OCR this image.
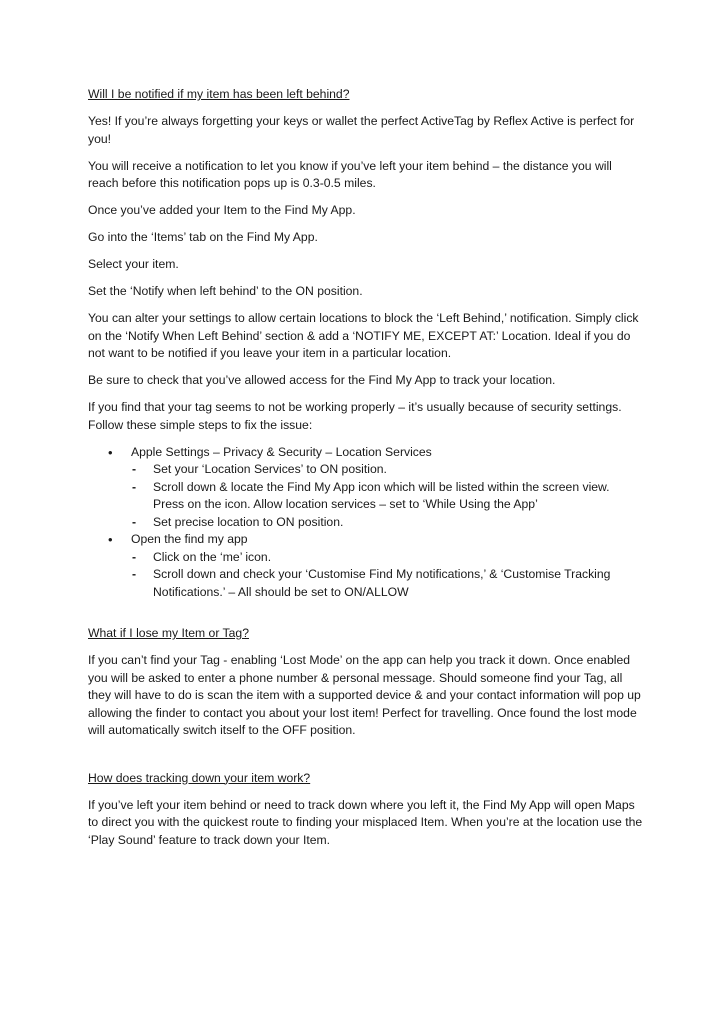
Will I be notified if my item has been left behind?

Yes! If you’re always forgetting your keys or wallet the perfect ActiveTag by Reflex Active is perfect for you!

You will receive a notification to let you know if you’ve left your item behind – the distance you will reach before this notification pops up is 0.3-0.5 miles.

Once you’ve added your Item to the Find My App.

Go into the ‘Items’ tab on the Find My App.

Select your item.

Set the ‘Notify when left behind’ to the ON position.

You can alter your settings to allow certain locations to block the ‘Left Behind,’ notification. Simply click on the ‘Notify When Left Behind’ section & add a ‘NOTIFY ME, EXCEPT AT:’ Location. Ideal if you do not want to be notified if you leave your item in a particular location.

Be sure to check that you’ve allowed access for the Find My App to track your location.

If you find that your tag seems to not be working properly – it’s usually because of security settings. Follow these simple steps to fix the issue:

• Apple Settings – Privacy & Security – Location Services
- Set your ‘Location Services’ to ON position.
- Scroll down & locate the Find My App icon which will be listed within the screen view. Press on the icon. Allow location services – set to ‘While Using the App’
- Set precise location to ON position.
• Open the find my app
- Click on the ‘me’ icon.
- Scroll down and check your ‘Customise Find My notifications,’ & ‘Customise Tracking Notifications.’ – All should be set to ON/ALLOW

What if I lose my Item or Tag?

If you can’t find your Tag - enabling ‘Lost Mode’ on the app can help you track it down. Once enabled you will be asked to enter a phone number & personal message. Should someone find your Tag, all they will have to do is scan the item with a supported device & and your contact information will pop up allowing the finder to contact you about your lost item! Perfect for travelling. Once found the lost mode will automatically switch itself to the OFF position.

How does tracking down your item work?

If you’ve left your item behind or need to track down where you left it, the Find My App will open Maps to direct you with the quickest route to finding your misplaced Item. When you’re at the location use the ‘Play Sound’ feature to track down your Item.
